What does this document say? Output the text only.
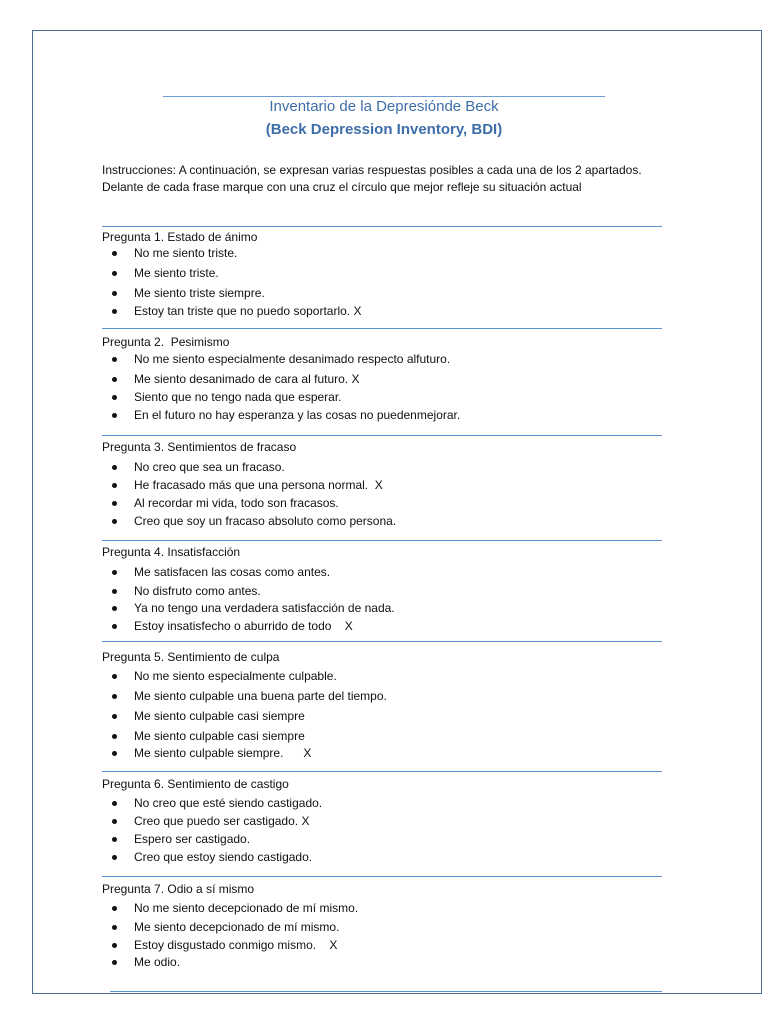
Inventario de la Depresiónde Beck
(Beck Depression Inventory, BDI)
Instrucciones: A continuación, se expresan varias respuestas posibles a cada una de los 2 apartados. Delante de cada frase marque con una cruz el círculo que mejor refleje su situación actual
Pregunta 1. Estado de ánimo
No me siento triste.
Me siento triste.
Me siento triste siempre.
Estoy tan triste que no puedo soportarlo. X
Pregunta 2.  Pesimismo
No me siento especialmente desanimado respecto alfuturo.
Me siento desanimado de cara al futuro. X
Siento que no tengo nada que esperar.
En el futuro no hay esperanza y las cosas no puedenmejorar.
Pregunta 3. Sentimientos de fracaso
No creo que sea un fracaso.
He fracasado más que una persona normal.  X
Al recordar mi vida, todo son fracasos.
Creo que soy un fracaso absoluto como persona.
Pregunta 4. Insatisfacción
Me satisfacen las cosas como antes.
No disfruto como antes.
Ya no tengo una verdadera satisfacción de nada.
Estoy insatisfecho o aburrido de todo    X
Pregunta 5. Sentimiento de culpa
No me siento especialmente culpable.
Me siento culpable una buena parte del tiempo.
Me siento culpable casi siempre
Me siento culpable casi siempre
Me siento culpable siempre.      X
Pregunta 6. Sentimiento de castigo
No creo que esté siendo castigado.
Creo que puedo ser castigado. X
Espero ser castigado.
Creo que estoy siendo castigado.
Pregunta 7. Odio a sí mismo
No me siento decepcionado de mí mismo.
Me siento decepcionado de mí mismo.
Estoy disgustado conmigo mismo.    X
Me odio.
